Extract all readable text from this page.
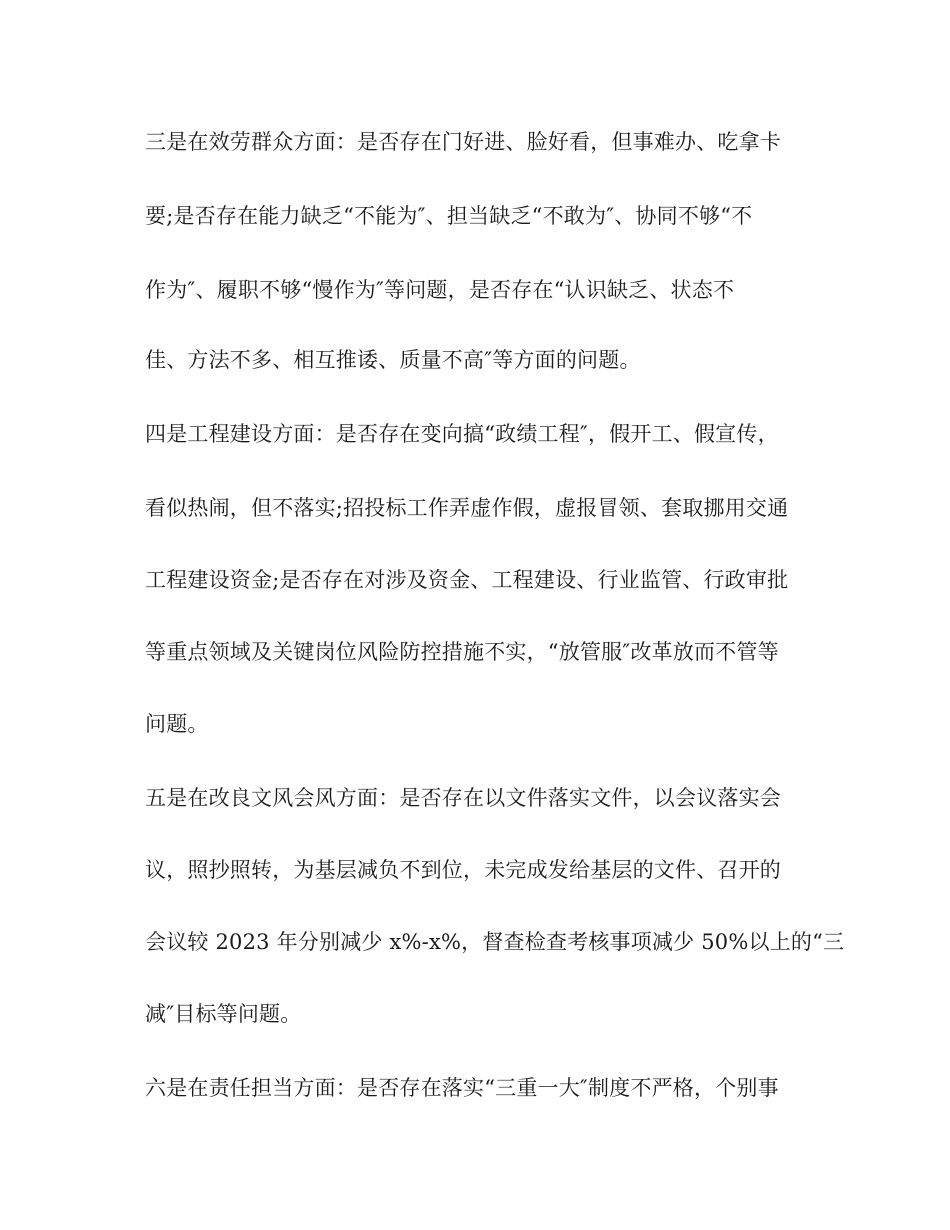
三是在效劳群众方面：是否存在门好进、脸好看，但事难办、吃拿卡
要;是否存在能力缺乏“不能为″、担当缺乏“不敢为″、协同不够“不
作为″、履职不够“慢作为″等问题，是否存在“认识缺乏、状态不
佳、方法不多、相互推诿、质量不高″等方面的问题。
四是工程建设方面：是否存在变向搞“政绩工程″，假开工、假宣传，
看似热闹，但不落实;招投标工作弄虚作假，虚报冒领、套取挪用交通
工程建设资金;是否存在对涉及资金、工程建设、行业监管、行政审批
等重点领域及关键岗位风险防控措施不实，“放管服″改革放而不管等
问题。
五是在改良文风会风方面：是否存在以文件落实文件，以会议落实会
议，照抄照转，为基层减负不到位，未完成发给基层的文件、召开的
会议较 2023 年分别减少 x%-x%，督查检查考核事项减少 50%以上的“三
减″目标等问题。
六是在责任担当方面：是否存在落实“三重一大″制度不严格，个别事
